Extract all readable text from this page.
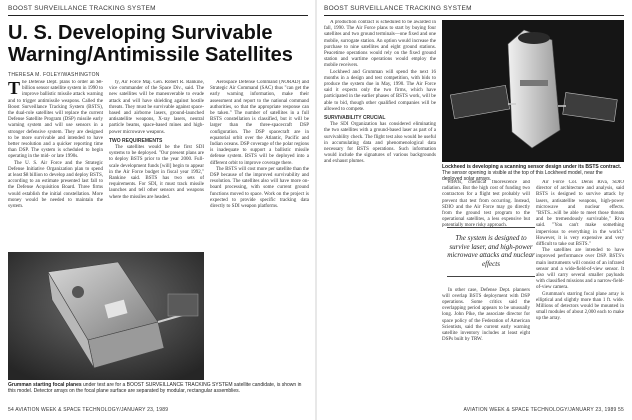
BOOST SURVEILLANCE TRACKING SYSTEM
U. S. Developing Survivable Warning/Antimissile Satellites
THERESA M. FOLEY/WASHINGTON
T he Defense Dept. plans to order an $8-billion sensor satellite system in 1990 to improve ballistic missile attack warning and to trigger antimissile weapons. Called the Boost Surveillance Tracking System (BSTS), the dual-role satellites will replace the current Defense Satellite Program (DSP) missile early warning system and will use sensors in a stronger defensive system. They are designed to be more survivable and intended to have better resolution and a quicker reporting time than DSP. The system is scheduled to begin operating in the mid- or late 1990s.

The U. S. Air Force and the Strategic Defense Initiative Organization plan to spend at least $8 billion to develop and deploy BSTS, according to an estimate presented last fall to the Defense Acquisition Board. Three firms would establish the initial constellation. More money would be needed to maintain the system.

ty, Air Force Maj. Gen. Robert R. Rankine, vice commander of the Space Div., said. The new satellites will be maneuverable to evade attack and will have shielding against hostile threats. They must be survivable against space-based and airborne lasers, ground-launched antisatellite weapons, X-ray lasers, neutral particle beams, space-based mines and high-power microwave weapons.

TWO REQUIREMENTS

The satellites would be the first SDI systems to be deployed. "Our present plans are to deploy BSTS prior to the year 2000. Full-scale development funds [will] begin to appear in the Air Force budget in fiscal year 1992," Rankine said. BSTS has two sets of requirements. For SDI, it must track missile launches and tell other sensors and weapons where the missiles are headed.

Aerospace Defense Command (NORAD) and Strategic Air Command (SAC) thus "can get the early warning information, make their assessment and report to the national command authorities, so that the appropriate response can be taken." The number of satellites in a full BSTS constellation is classified, but it will be larger than the three-spacecraft DSP configuration. The DSP spacecraft are in equatorial orbit over the Atlantic, Pacific and Indian oceans. DSP coverage of the polar regions is inadequate to support a ballistic missile defense system. BSTS will be deployed into a different orbit to improve coverage there.

The BSTS will cost more per satellite than the DSP because of the improved survivability and resolution. The satellites also will have more on-board processing, with some current ground functions moved to space. Work on the project is expected to provide specific tracking data directly to SDI weapon platforms.

Grumman starting focal planes under test are for a BOOST SURVEILLANCE TRACKING SYSTEM satellite candidate, is shown in this model. Detector arrays on the focal plane surface are separated by modular, rectangular assemblies.
54 AVIATION WEEK & SPACE TECHNOLOGY/JANUARY 23, 1989
BOOST SURVEILLANCE TRACKING SYSTEM

A production contract is scheduled to be awarded in fall, 1990. The Air Force plans to start by buying four satellites and two ground terminals—one fixed and one mobile, surrogate station. An option would increase the purchase to nine satellites and eight ground stations. Peacetime operations would rely on the fixed ground station and wartime operations would employ the mobile receivers.

Lockheed and Grumman will spend the next 16 months in a design and test competition, with bids to produce the system due in May, 1990. The Air Force said it expects only the two firms, which have participated in the earlier phases of BSTS work, will be able to bid, though other qualified companies will be allowed to compete.

SURVIVABILITY CRUCIAL

The SDI Organization has considered eliminating the two satellites with a ground-based laser as part of a survivability check. The flight test also would be useful in accumulating data and phenomenological data necessary for BSTS operations. Such information would include the signatures of various backgrounds and exhaust plumes.

Lockheed is developing a scanning sensor design under its BSTS contract. The sensor opening is visible at the top of this Lockheed model, near the deployed solar arrays.

effects, chemical fluorescence and radiation. But the high cost of funding two contractors for a flight test probably will prevent that test from occurring. Instead, SDIO and the Air Force may go directly from the ground test program to the operational satellites, a less expensive but potentially more risky approach.

In other case, Defense Dept. planners will overlap BSTS deployment with DSP operations. Some critics said the overlapping period appears to be unusually long. John Pike, the associate director for space policy of the Federation of American Scientists, said the current early warning satellite inventory includes at least eight DSPs built by TRW.

The system is designed to survive laser, and high-power microwave attacks and nuclear effects

Air Force Col. Denis Riva, SDIO director of architecture and analysis, said BSTS is designed to survive attack by lasers, antisatellite weapons, high-power microwave and nuclear effects. "BSTS...will be able to meet those threats and be tremendously survivable," Riva said. "You can't make something impervious to everything in the world." However, it is very expensive and very difficult to take out BSTS."

The satellites are intended to have improved performance over DSP. BSTS's main instruments will consist of an infrared sensor and a wide-field-of-view sensor. It also will carry several smaller payloads with classified missions and a narrow-field-of-view camera.

Grumman's starring focal plane array is elliptical and slightly more than 1 ft. wide. Millions of detectors would be mounted in small modules of about 2,000 each to make up the array.

AVIATION WEEK & SPACE TECHNOLOGY/JANUARY 23, 1989 55
